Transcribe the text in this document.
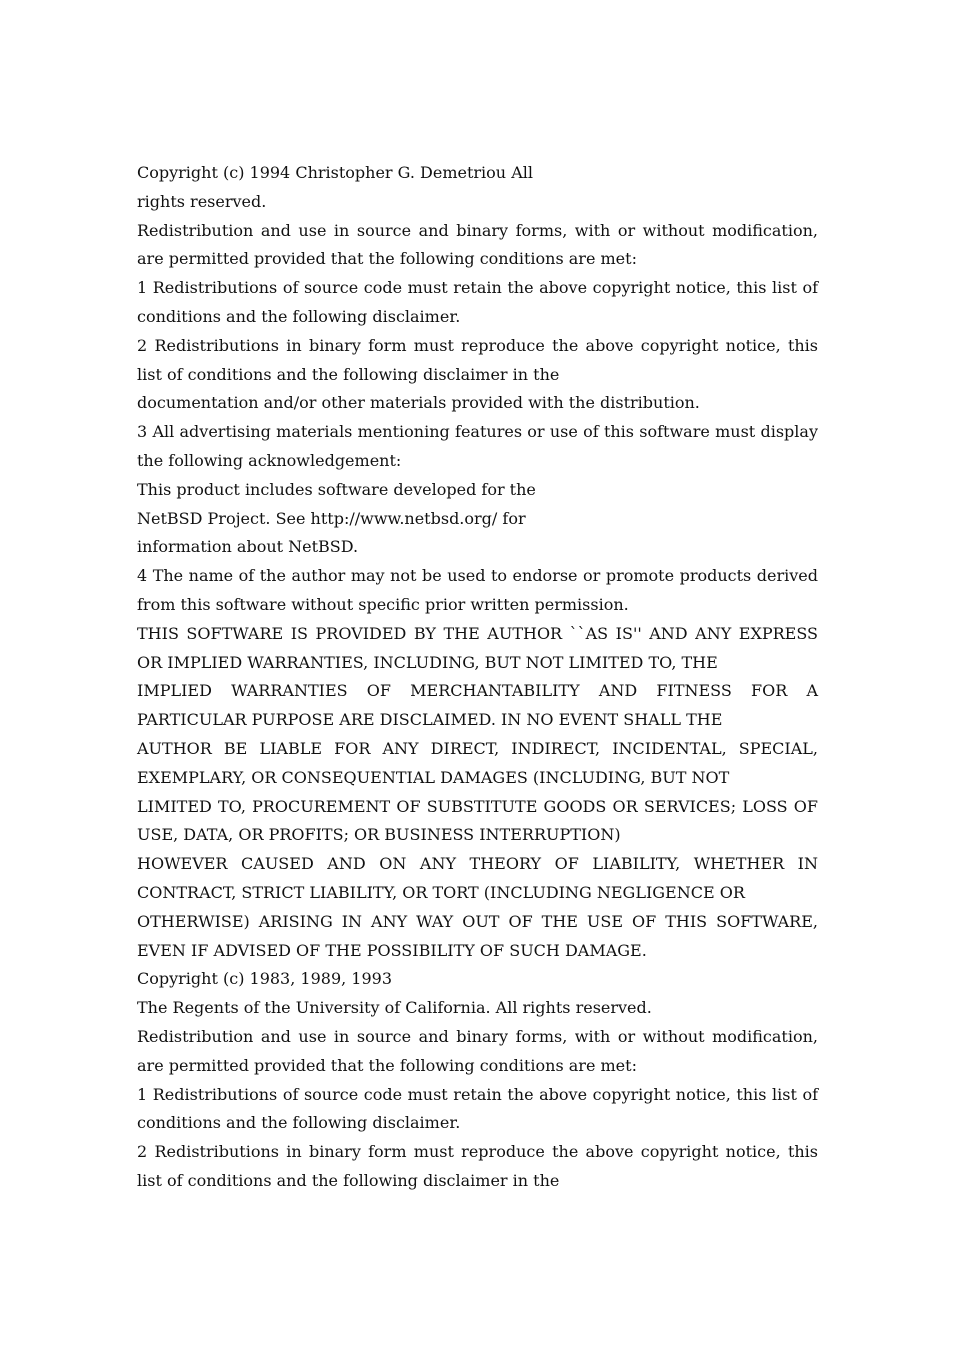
Copyright (c) 1994 Christopher G. Demetriou All

rights reserved.

Redistribution and use in source and binary forms, with or without modification, are permitted provided that the following conditions are met:

1 Redistributions of source code must retain the above copyright notice, this list of conditions and the following disclaimer.

2 Redistributions in binary form must reproduce the above copyright notice, this list of conditions and the following disclaimer in the

documentation and/or other materials provided with the distribution.

3 All advertising materials mentioning features or use of this software must display the following acknowledgement:

This product includes software developed for the

NetBSD Project. See http://www.netbsd.org/ for

information about NetBSD.

4 The name of the author may not be used to endorse or promote products derived from this software without specific prior written permission.

THIS SOFTWARE IS PROVIDED BY THE AUTHOR ``AS IS'' AND ANY EXPRESS OR IMPLIED WARRANTIES, INCLUDING, BUT NOT LIMITED TO, THE

IMPLIED WARRANTIES OF MERCHANTABILITY AND FITNESS FOR A PARTICULAR PURPOSE ARE DISCLAIMED. IN NO EVENT SHALL THE

AUTHOR BE LIABLE FOR ANY DIRECT, INDIRECT, INCIDENTAL, SPECIAL, EXEMPLARY, OR CONSEQUENTIAL DAMAGES (INCLUDING, BUT NOT

LIMITED TO, PROCUREMENT OF SUBSTITUTE GOODS OR SERVICES; LOSS OF USE, DATA, OR PROFITS; OR BUSINESS INTERRUPTION)

HOWEVER CAUSED AND ON ANY THEORY OF LIABILITY, WHETHER IN CONTRACT, STRICT LIABILITY, OR TORT (INCLUDING NEGLIGENCE OR

OTHERWISE) ARISING IN ANY WAY OUT OF THE USE OF THIS SOFTWARE, EVEN IF ADVISED OF THE POSSIBILITY OF SUCH DAMAGE.

Copyright (c) 1983, 1989, 1993

The Regents of the University of California. All rights reserved.

Redistribution and use in source and binary forms, with or without modification, are permitted provided that the following conditions are met:

1 Redistributions of source code must retain the above copyright notice, this list of conditions and the following disclaimer.

2 Redistributions in binary form must reproduce the above copyright notice, this list of conditions and the following disclaimer in the
